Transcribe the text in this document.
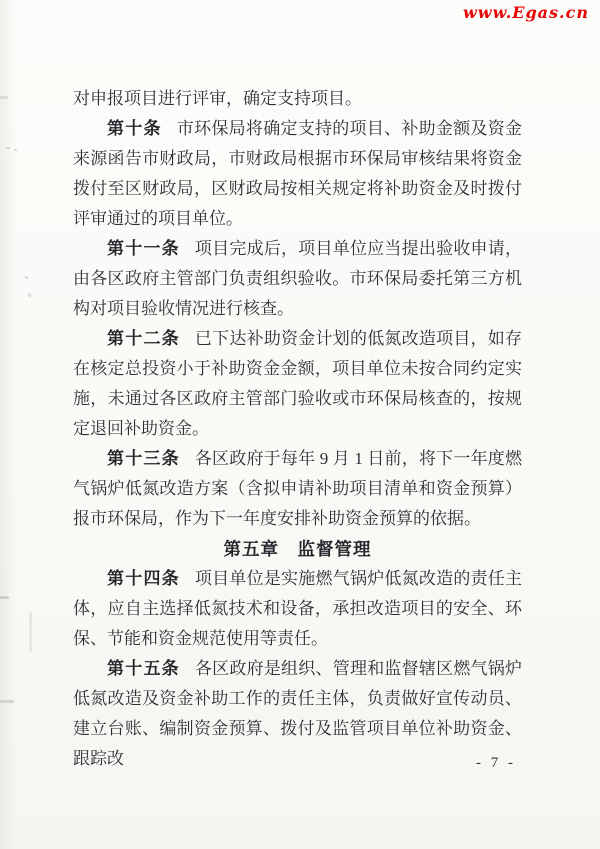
www.Egas.cn

对申报项目进行评审，确定支持项目。

第十条 市环保局将确定支持的项目、补助金额及资金来源函告市财政局，市财政局根据市环保局审核结果将资金拨付至区财政局，区财政局按相关规定将补助资金及时拨付评审通过的项目单位。

第十一条 项目完成后，项目单位应当提出验收申请，由各区政府主管部门负责组织验收。市环保局委托第三方机构对项目验收情况进行核查。

第十二条 已下达补助资金计划的低氮改造项目，如存在核定总投资小于补助资金金额，项目单位未按合同约定实施，未通过各区政府主管部门验收或市环保局核查的，按规定退回补助资金。

第十三条 各区政府于每年 9 月 1 日前，将下一年度燃气锅炉低氮改造方案（含拟申请补助项目清单和资金预算）报市环保局，作为下一年度安排补助资金预算的依据。

第五章　监督管理

第十四条 项目单位是实施燃气锅炉低氮改造的责任主体，应自主选择低氮技术和设备，承担改造项目的安全、环保、节能和资金规范使用等责任。

第十五条 各区政府是组织、管理和监督辖区燃气锅炉低氮改造及资金补助工作的责任主体，负责做好宣传动员、建立台账、编制资金预算、拨付及监管项目单位补助资金、跟踪改	- 7 -
